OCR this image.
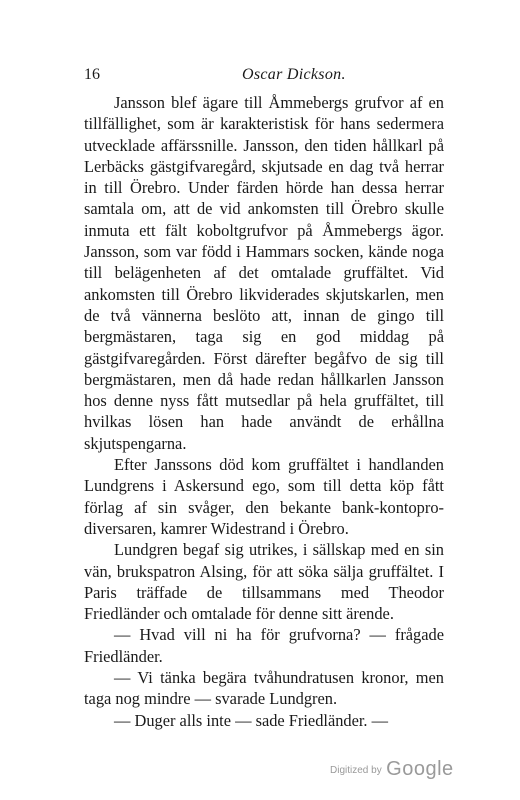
16	Oscar Dickson.

Jansson blef ägare till Åmmebergs grufvor af en tillfällighet, som är karakteristisk för hans sedermera utvecklade affärssnille. Jansson, den tiden hållkarl på Lerbäcks gästgifvaregård, skjutsade en dag två herrar in till Örebro. Under färden hörde han dessa herrar samtala om, att de vid ankomsten till Örebro skulle inmuta ett fält koboltgrufvor på Åmmebergs ägor. Jansson, som var född i Hammars socken, kände noga till belägenheten af det omtalade gruffältet. Vid ankomsten till Örebro likviderades skjutskarlen, men de två vännerna beslöto att, innan de gingo till bergmästaren, taga sig en god middag på gästgifvaregården. Först därefter begåfvo de sig till bergmästaren, men då hade redan hållkarlen Jansson hos denne nyss fått mutsedlar på hela gruffältet, till hvilkas lösen han hade användt de erhållna skjutspengarna.

Efter Janssons död kom gruffältet i handlanden Lundgrens i Askersund ego, som till detta köp fått förlag af sin svåger, den bekante bank-kontopro-diversaren, kamrer Widestrand i Örebro.

Lundgren begaf sig utrikes, i sällskap med en sin vän, brukspatron Alsing, för att söka sälja gruffältet. I Paris träffade de tillsammans med Theodor Friedländer och omtalade för denne sitt ärende.

— Hvad vill ni ha för grufvorna? — frågade Friedländer.

— Vi tänka begära tvåhundratusen kronor, men taga nog mindre — svarade Lundgren.

— Duger alls inte — sade Friedländer. —

Digitized by Google
